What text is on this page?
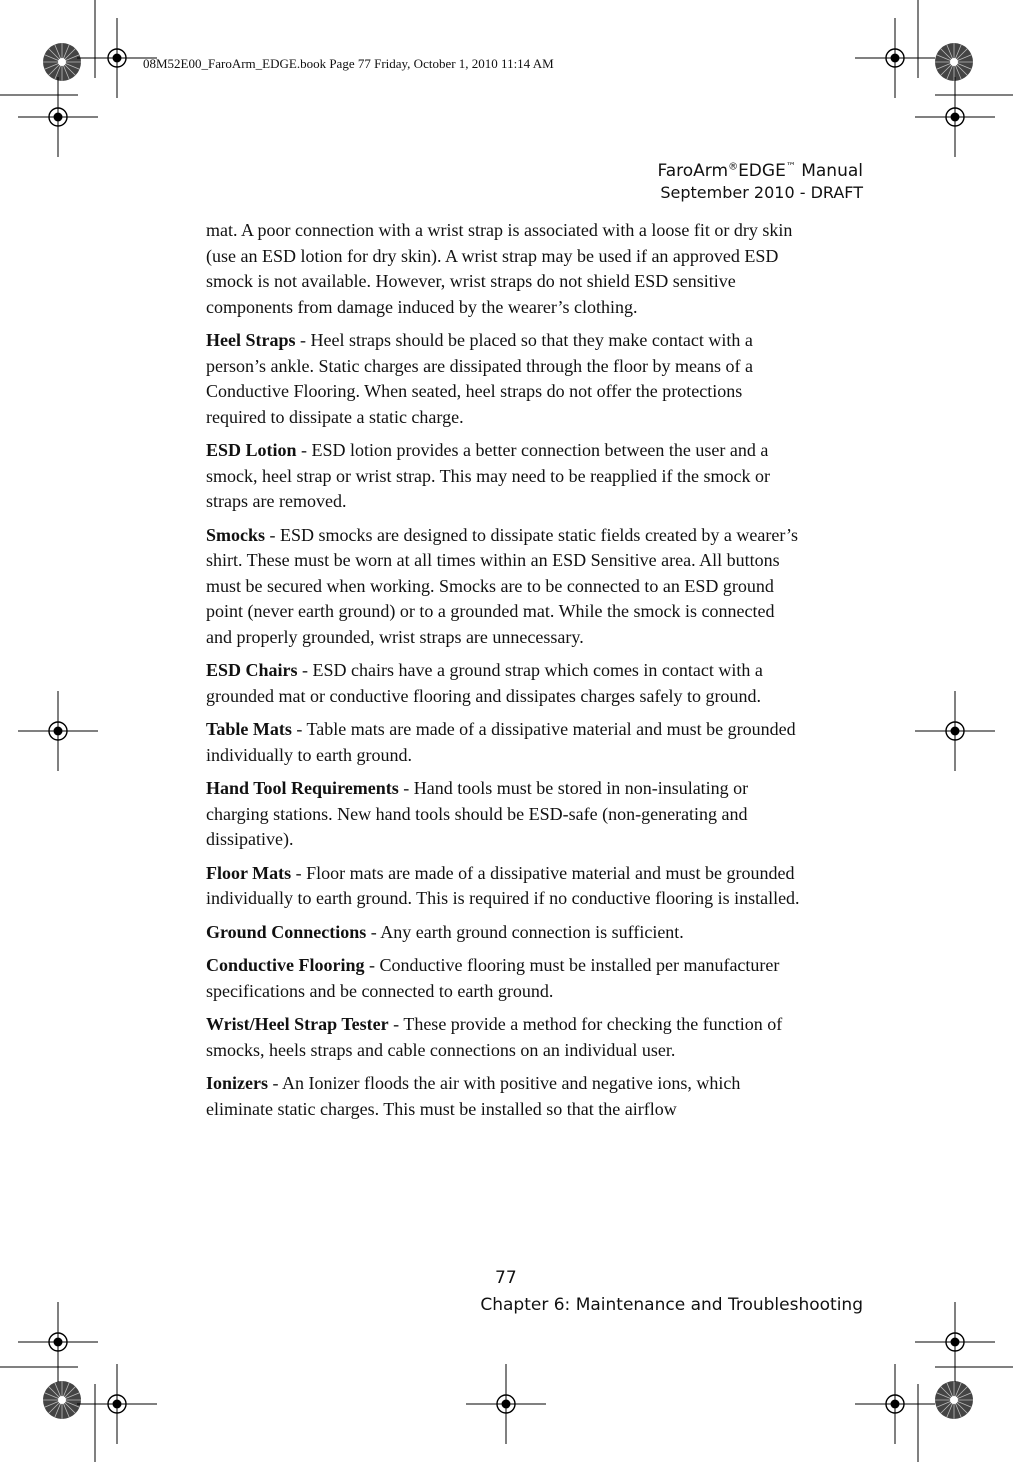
08M52E00_FaroArm_EDGE.book Page 77 Friday, October 1, 2010 11:14 AM
FaroArm®EDGE™ Manual
September 2010 - DRAFT

mat. A poor connection with a wrist strap is associated with a loose fit or dry skin (use an ESD lotion for dry skin). A wrist strap may be used if an approved ESD smock is not available. However, wrist straps do not shield ESD sensitive components from damage induced by the wearer’s clothing.

Heel Straps - Heel straps should be placed so that they make contact with a person’s ankle. Static charges are dissipated through the floor by means of a Conductive Flooring. When seated, heel straps do not offer the protections required to dissipate a static charge.

ESD Lotion - ESD lotion provides a better connection between the user and a smock, heel strap or wrist strap. This may need to be reapplied if the smock or straps are removed.

Smocks - ESD smocks are designed to dissipate static fields created by a wearer’s shirt. These must be worn at all times within an ESD Sensitive area. All buttons must be secured when working. Smocks are to be connected to an ESD ground point (never earth ground) or to a grounded mat. While the smock is connected and properly grounded, wrist straps are unnecessary.

ESD Chairs - ESD chairs have a ground strap which comes in contact with a grounded mat or conductive flooring and dissipates charges safely to ground.

Table Mats - Table mats are made of a dissipative material and must be grounded individually to earth ground.

Hand Tool Requirements - Hand tools must be stored in non-insulating or charging stations. New hand tools should be ESD-safe (non-generating and dissipative).

Floor Mats - Floor mats are made of a dissipative material and must be grounded individually to earth ground. This is required if no conductive flooring is installed.

Ground Connections - Any earth ground connection is sufficient.

Conductive Flooring - Conductive flooring must be installed per manufacturer specifications and be connected to earth ground.

Wrist/Heel Strap Tester - These provide a method for checking the function of smocks, heels straps and cable connections on an individual user.

Ionizers - An Ionizer floods the air with positive and negative ions, which eliminate static charges. This must be installed so that the airflow

77
Chapter 6: Maintenance and Troubleshooting
